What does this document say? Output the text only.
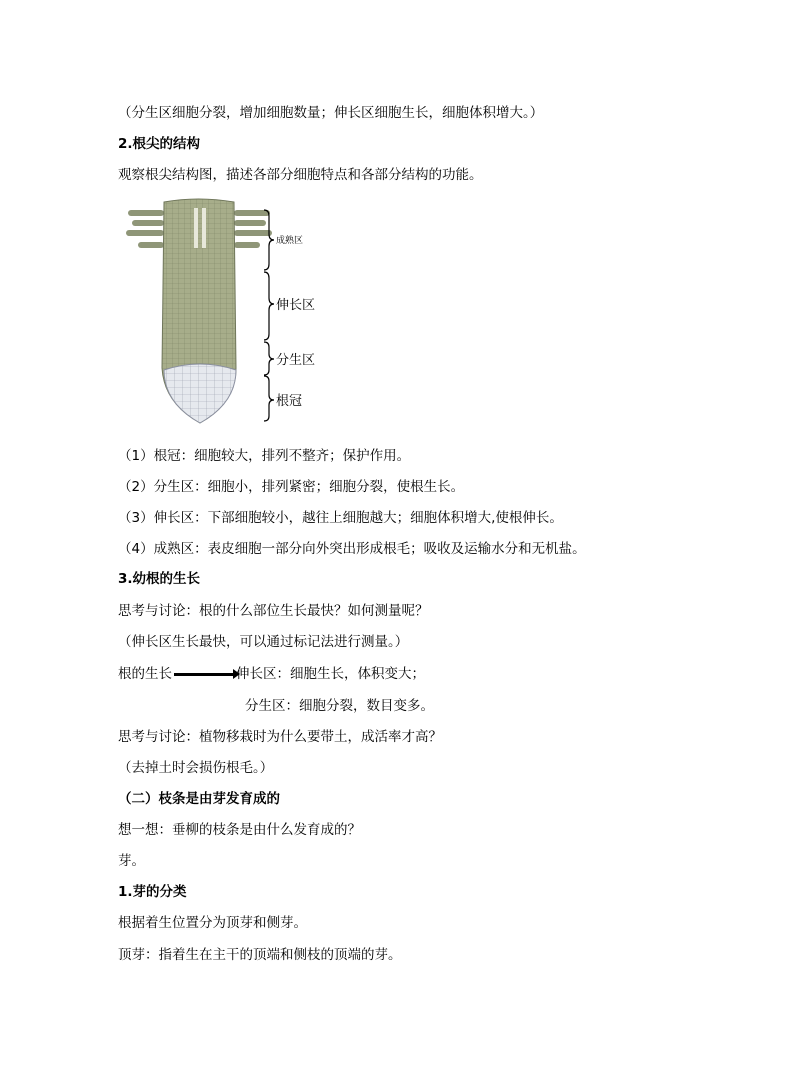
（分生区细胞分裂，增加细胞数量；伸长区细胞生长，细胞体积增大。）
2.根尖的结构
观察根尖结构图，描述各部分细胞特点和各部分结构的功能。
成熟区
伸长区
分生区
根冠
（1）根冠：细胞较大，排列不整齐；保护作用。
（2）分生区：细胞小，排列紧密；细胞分裂，使根生长。
（3）伸长区：下部细胞较小，越往上细胞越大；细胞体积增大,使根伸长。
（4）成熟区：表皮细胞一部分向外突出形成根毛；吸收及运输水分和无机盐。
3.幼根的生长
思考与讨论：根的什么部位生长最快？如何测量呢？
（伸长区生长最快，可以通过标记法进行测量。）
根的生长	伸长区：细胞生长，体积变大；
分生区：细胞分裂，数目变多。
思考与讨论：植物移栽时为什么要带土，成活率才高？
（去掉土时会损伤根毛。）
（二）枝条是由芽发育成的
想一想：垂柳的枝条是由什么发育成的？
芽。
1.芽的分类
根据着生位置分为顶芽和侧芽。
顶芽：指着生在主干的顶端和侧枝的顶端的芽。
